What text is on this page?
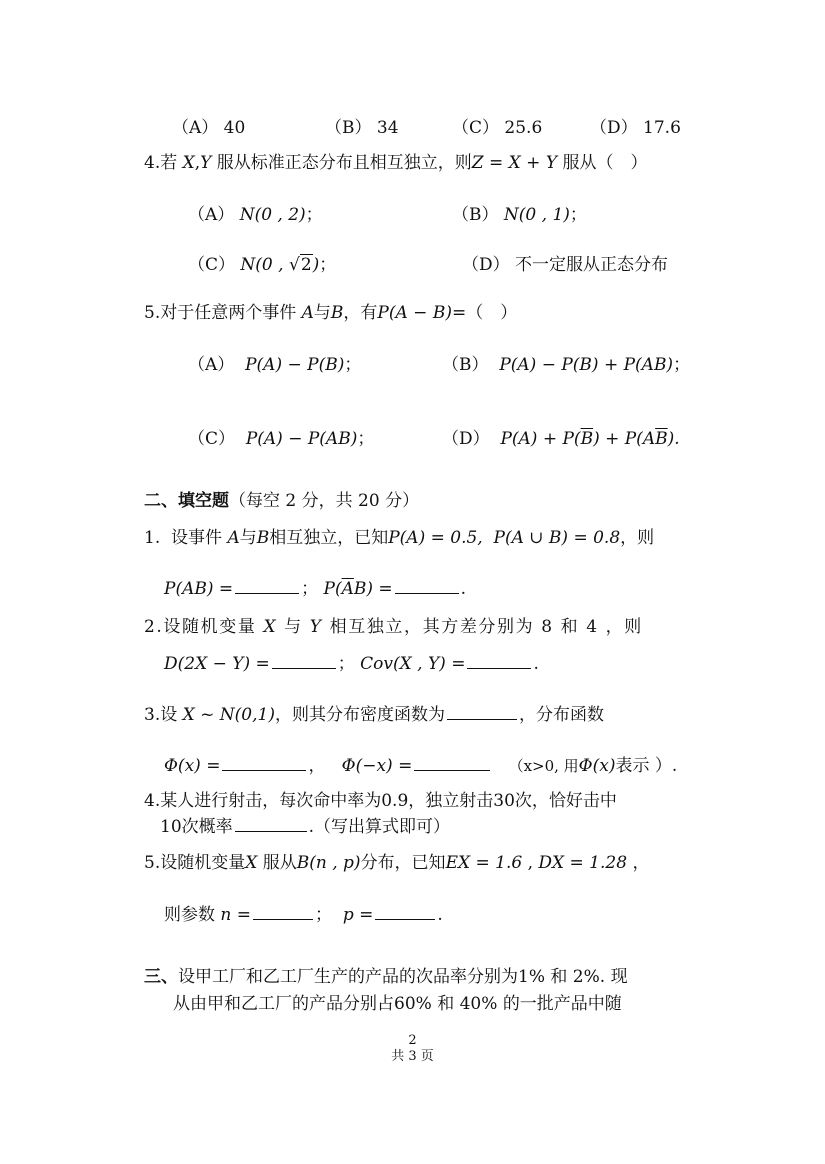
（A） 40	（B） 34	（C） 25.6	（D） 17.6
4.若 X,Y 服从标准正态分布且相互独立，则Z = X + Y 服从（　）
（A） N(0 , 2)；	（B） N(0 , 1)；
（C） N(0 , √2)；	（D） 不一定服从正态分布
5.对于任意两个事件 A与B，有P(A − B)=（　）
（A） P(A) − P(B)；	（B） P(A) − P(B) + P(AB)；
（C） P(A) − P(AB)；	（D） $P(A) + P(\overline{B}) + P(A\overline{B})$.
二、填空题（每空 2 分，共 20 分）
1. 设事件 A与B相互独立，已知P(A) = 0.5, P(A ∪ B) = 0.8，则
P(AB) =	； $P(\overline{A}B)$ =	.
2.设随机变量 X 与 Y 相互独立，其方差分别为 8 和 4 ，则
D(2X − Y) =	； Cov(X , Y) =	.
3.设 X ~ N(0,1)，则其分布密度函数为	，分布函数
Φ(x) =	， Φ(−x) =	（x>0, 用Φ(x)表示 ）.
4.某人进行射击，每次命中率为0.9，独立射击30次，恰好击中
10次概率	.（写出算式即可）
5.设随机变量X 服从B(n , p)分布，已知EX = 1.6 , DX = 1.28 ，
则参数 n =	； p =	.
三、设甲工厂和乙工厂生产的产品的次品率分别为1% 和 2%. 现
从由甲和乙工厂的产品分别占60% 和 40% 的一批产品中随
2
共 3 页
